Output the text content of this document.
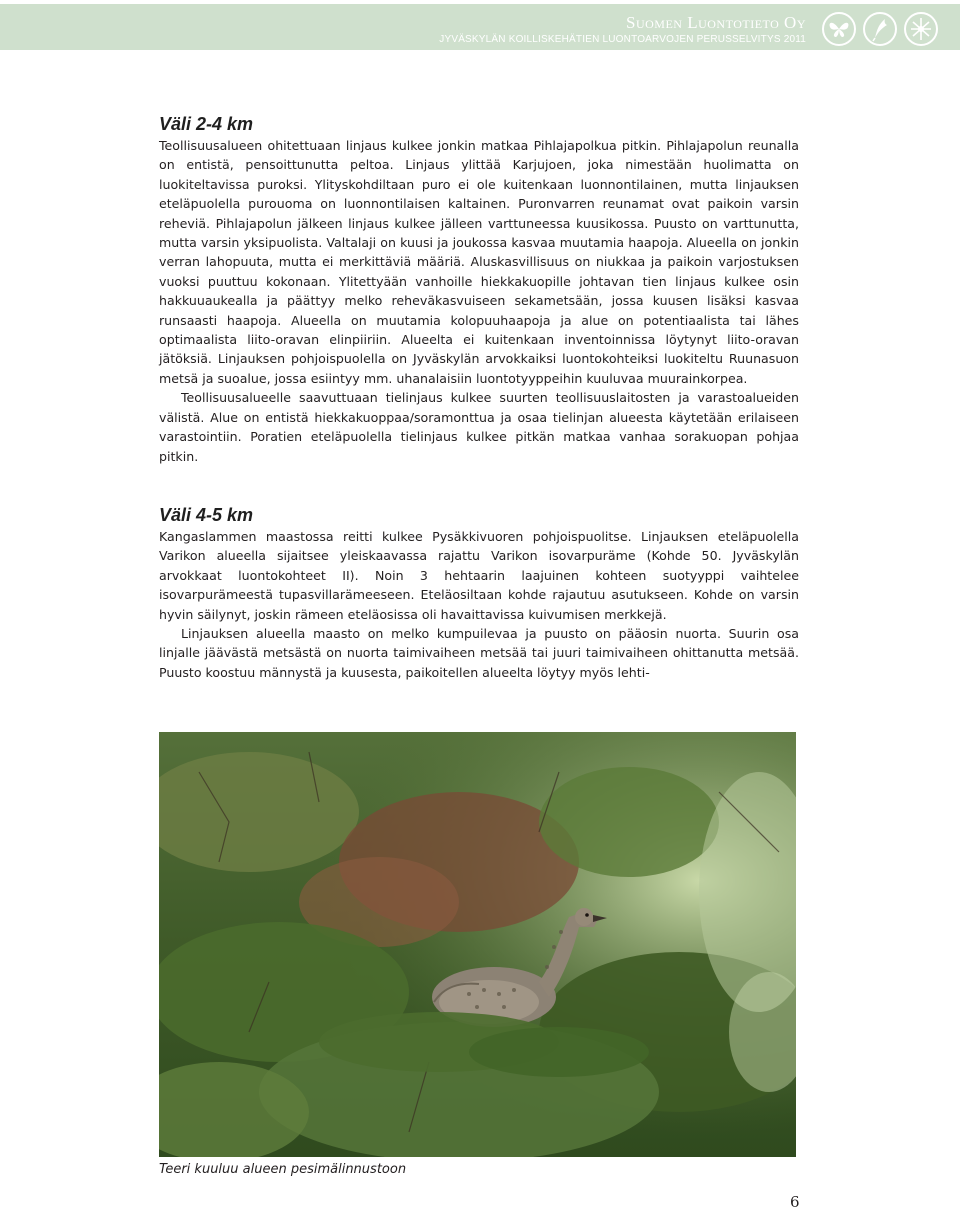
Suomen Luontotieto Oy
JYVÄSKYLÄN KOILLISKEHÄTIEN LUONTOARVOJEN PERUSSELVITYS 2011
Väli 2-4 km

Teollisuusalueen ohitettuaan linjaus kulkee jonkin matkaa Pihlajapolkua pitkin. Pihlajapolun reunalla on entistä, pensoittunutta peltoa. Linjaus ylittää Karjujoen, joka nimestään huolimatta on luokiteltavissa puroksi. Ylityskohdiltaan puro ei ole kuitenkaan luonnontilainen, mutta linjauksen eteläpuolella purouoma on luonnontilaisen kaltainen. Puronvarren reunamat ovat paikoin varsin reheviä. Pihlajapolun jälkeen linjaus kulkee jälleen varttuneessa kuusikossa. Puusto on varttunutta, mutta varsin yksipuolista. Valtalaji on kuusi ja joukossa kasvaa muutamia haapoja. Alueella on jonkin verran lahopuuta, mutta ei merkittäviä määriä. Aluskasvillisuus on niukkaa ja paikoin varjostuksen vuoksi puuttuu kokonaan. Ylitettyään vanhoille hiekkakuopille johtavan tien linjaus kulkee osin hakkuuaukealla ja päättyy melko reheväkasvuiseen sekametsään, jossa kuusen lisäksi kasvaa runsaasti haapoja. Alueella on muutamia kolopuuhaapoja ja alue on potentiaalista tai lähes optimaalista liito-oravan elinpiiriin. Alueelta ei kuitenkaan inventoinnissa löytynyt liito-oravan jätöksiä. Linjauksen pohjoispuolella on Jyväskylän arvokkaiksi luontokohteiksi luokiteltu Ruunasuon metsä ja suoalue, jossa esiintyy mm. uhanalaisiin luontotyyppeihin kuuluvaa muurainkorpea.

Teollisuusalueelle saavuttuaan tielinjaus kulkee suurten teollisuuslaitosten ja varastoalueiden välistä. Alue on entistä hiekkakuoppaa/soramonttua ja osaa tielinjan alueesta käytetään erilaiseen varastointiin. Poratien eteläpuolella tielinjaus kulkee pitkän matkaa vanhaa sorakuopan pohjaa pitkin.

Väli 4-5 km

Kangaslammen maastossa reitti kulkee Pysäkkivuoren pohjoispuolitse. Linjauksen eteläpuolella Varikon alueella sijaitsee yleiskaavassa rajattu Varikon isovarpuräme (Kohde 50. Jyväskylän arvokkaat luontokohteet II). Noin 3 hehtaarin laajuinen kohteen suotyyppi vaihtelee isovarpurämeestä tupasvillarämeeseen. Eteläosiltaan kohde rajautuu asutukseen. Kohde on varsin hyvin säilynyt, joskin rämeen eteläosissa oli havaittavissa kuivumisen merkkejä.

Linjauksen alueella maasto on melko kumpuilevaa ja puusto on pääosin nuorta. Suurin osa linjalle jäävästä metsästä on nuorta taimivaiheen metsää tai juuri taimivaiheen ohittanutta metsää. Puusto koostuu männystä ja kuusesta, paikoitellen alueelta löytyy myös lehti-

Teeri kuuluu alueen pesimälinnustoon
6
